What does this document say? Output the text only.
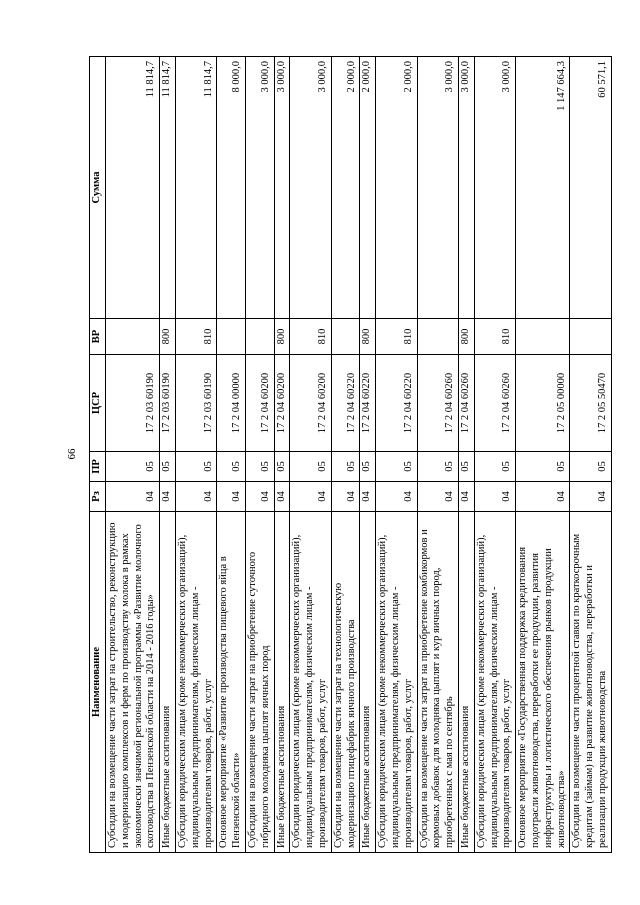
66
Наименование	Рз	ПР	ЦСР	ВР	Сумма
Субсидии на возмещение части затрат на строительство, реконструкцию и модернизацию комплексов и ферм по производству молока в рамках экономически значимой региональной программы «Развитие молочного скотоводства в Пензенской области на 2014 - 2016 годы»	04	05	17 2 03 60190		11 814,7
Иные бюджетные ассигнования	04	05	17 2 03 60190	800	11 814,7
Субсидии юридическим лицам (кроме некоммерческих организаций), индивидуальным предпринимателям, физическим лицам - производителям товаров, работ, услуг	04	05	17 2 03 60190	810	11 814,7
Основное мероприятие «Развитие производства пищевого яйца в Пензенской области»	04	05	17 2 04 00000		8 000,0
Субсидии на возмещение части затрат на приобретение суточного гибридного молодняка цыплят яичных пород	04	05	17 2 04 60200		3 000,0
Иные бюджетные ассигнования	04	05	17 2 04 60200	800	3 000,0
Субсидии юридическим лицам (кроме некоммерческих организаций), индивидуальным предпринимателям, физическим лицам - производителям товаров, работ, услуг	04	05	17 2 04 60200	810	3 000,0
Субсидии на возмещение части затрат на технологическую модернизацию птицефабрик яичного производства	04	05	17 2 04 60220		2 000,0
Иные бюджетные ассигнования	04	05	17 2 04 60220	800	2 000,0
Субсидии юридическим лицам (кроме некоммерческих организаций), индивидуальным предпринимателям, физическим лицам - производителям товаров, работ, услуг	04	05	17 2 04 60220	810	2 000,0
Субсидии на возмещение части затрат на приобретение комбикормов и кормовых добавок для молодняка цыплят и кур яичных пород, приобретенных с мая по сентябрь	04	05	17 2 04 60260		3 000,0
Иные бюджетные ассигнования	04	05	17 2 04 60260	800	3 000,0
Субсидии юридическим лицам (кроме некоммерческих организаций), индивидуальным предпринимателям, физическим лицам - производителям товаров, работ, услуг	04	05	17 2 04 60260	810	3 000,0
Основное мероприятие «Государственная поддержка кредитования подотрасли животноводства, переработки ее продукции, развития инфраструктуры и логистического обеспечения рынков продукции животноводства»	04	05	17 2 05 00000		1 147 664,3
Субсидии на возмещение части процентной ставки по краткосрочным кредитам (займам) на развитие животноводства, переработки и реализации продукции животноводства	04	05	17 2 05 50470		60 571,1
